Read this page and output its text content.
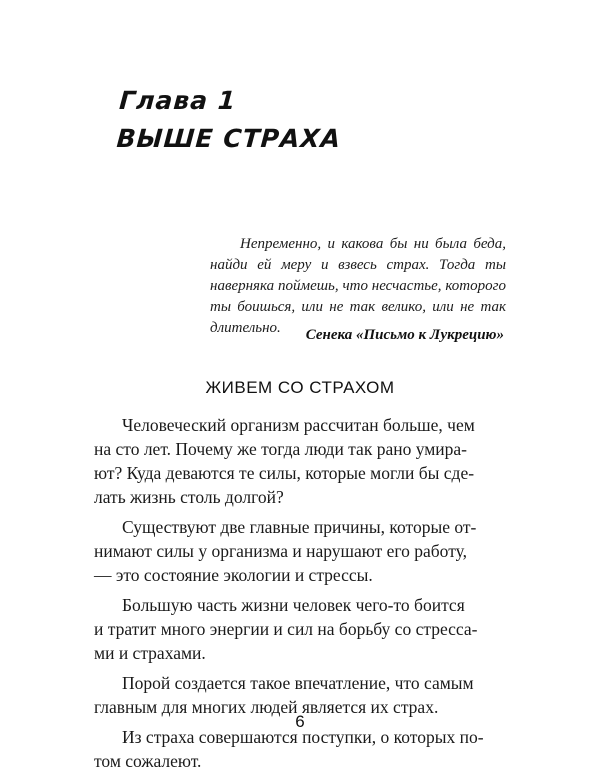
Глава 1
ВЫШЕ СТРАХА
Непременно, и какова бы ни была беда, найди ей меру и взвесь страх. Тогда ты наверняка поймешь, что несчастье, которого ты боишься, или не так велико, или не так длительно.	Сенека «Письмо к Лукрецию»
ЖИВЕМ СО СТРАХОМ
Человеческий организм рассчитан больше, чем
на сто лет. Почему же тогда люди так рано умира-
ют? Куда деваются те силы, которые могли бы сде-
лать жизнь столь долгой?
Существуют две главные причины, которые от-
нимают силы у организма и нарушают его работу,
— это состояние экологии и стрессы.
Большую часть жизни человек чего-то боится
и тратит много энергии и сил на борьбу со стресса-
ми и страхами.
Порой создается такое впечатление, что самым
главным для многих людей является их страх.
Из страха совершаются поступки, о которых по-
том сожалеют.
6
